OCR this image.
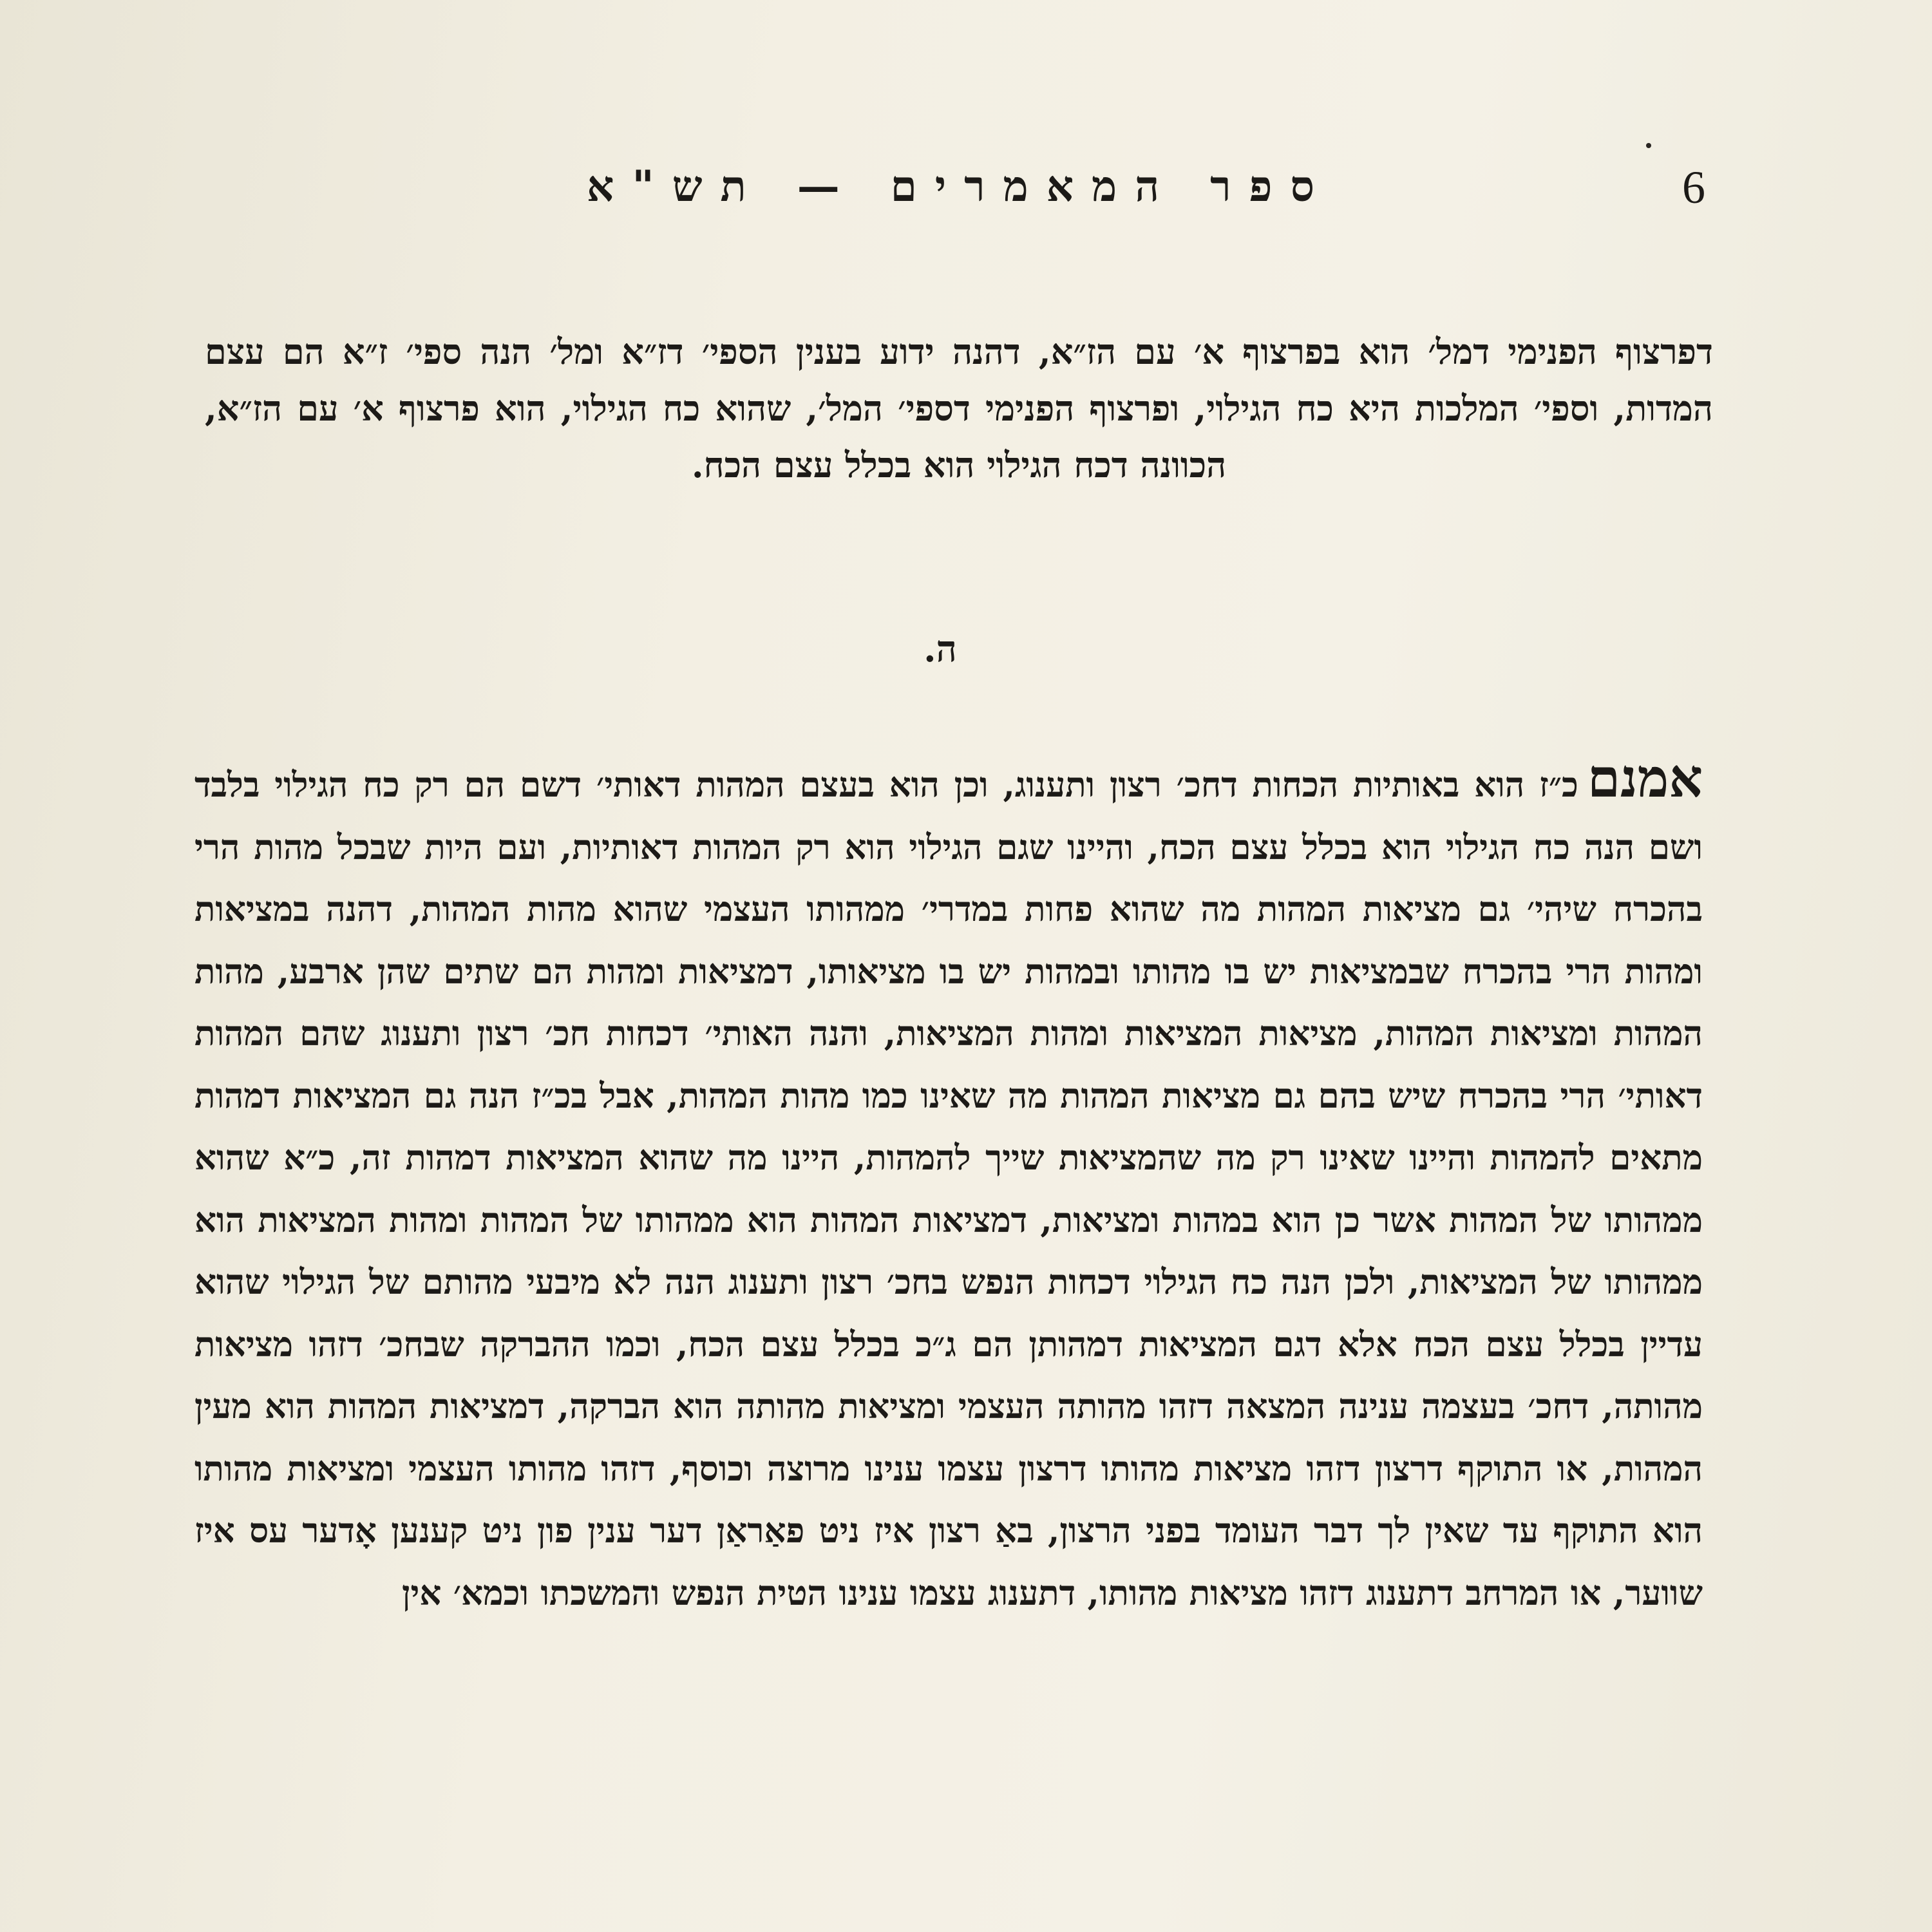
6
ספר המאמרים — תש"א

דפרצוף הפנימי דמל׳ הוא בפרצוף א׳ עם הז״א, דהנה ידוע בענין הספי׳ דז״א ומל׳ הנה ספי׳ ז״א הם עצם המדות, וספי׳ המלכות היא כח הגילוי, ופרצוף הפנימי דספי׳ המל׳, שהוא כח הגילוי, הוא פרצוף א׳ עם הז״א, הכוונה דכח הגילוי הוא בכלל עצם הכח.

ה.

אמנםכ״ז הוא באותיות הכחות דחכ׳ רצון ותענוג, וכן הוא בעצם המהות דאותי׳ דשם הם רק כח הגילוי בלבד ושם הנה כח הגילוי הוא בכלל עצם הכח, והיינו שגם הגילוי הוא רק המהות דאותיות, ועם היות שבכל מהות הרי בהכרח שיהי׳ גם מציאות המהות מה שהוא פחות במדרי׳ ממהותו העצמי שהוא מהות המהות, דהנה במציאות ומהות הרי בהכרח שבמציאות יש בו מהותו ובמהות יש בו מציאותו, דמציאות ומהות הם שתים שהן ארבע, מהות המהות ומציאות המהות, מציאות המציאות ומהות המציאות, והנה האותי׳ דכחות חכ׳ רצון ותענוג שהם המהות דאותי׳ הרי בהכרח שיש בהם גם מציאות המהות מה שאינו כמו מהות המהות, אבל בכ״ז הנה גם המציאות דמהות מתאים להמהות והיינו שאינו רק מה שהמציאות שייך להמהות, היינו מה שהוא המציאות דמהות זה, כ״א שהוא ממהותו של המהות אשר כן הוא במהות ומציאות, דמציאות המהות הוא ממהותו של המהות ומהות המציאות הוא ממהותו של המציאות, ולכן הנה כח הגילוי דכחות הנפש בחכ׳ רצון ותענוג הנה לא מיבעי מהותם של הגילוי שהוא עדיין בכלל עצם הכח אלא דגם המציאות דמהותן הם ג״כ בכלל עצם הכח, וכמו ההברקה שבחכ׳ דזהו מציאות מהותה, דחכ׳ בעצמה ענינה המצאה דזהו מהותה העצמי ומציאות מהותה הוא הברקה, דמציאות המהות הוא מעין המהות, או התוקף דרצון דזהו מציאות מהותו דרצון עצמו ענינו מרוצה וכוסף, דזהו מהותו העצמי ומציאות מהותו הוא התוקף עד שאין לך דבר העומד בפני הרצון, באַ רצון איז ניט פאַראַן דער ענין פון ניט קענען אָדער עס איז שווער, או המרחב דתענוג דזהו מציאות מהותו, דתענוג עצמו ענינו הטית הנפש והמשכתו וכמא׳ אין
